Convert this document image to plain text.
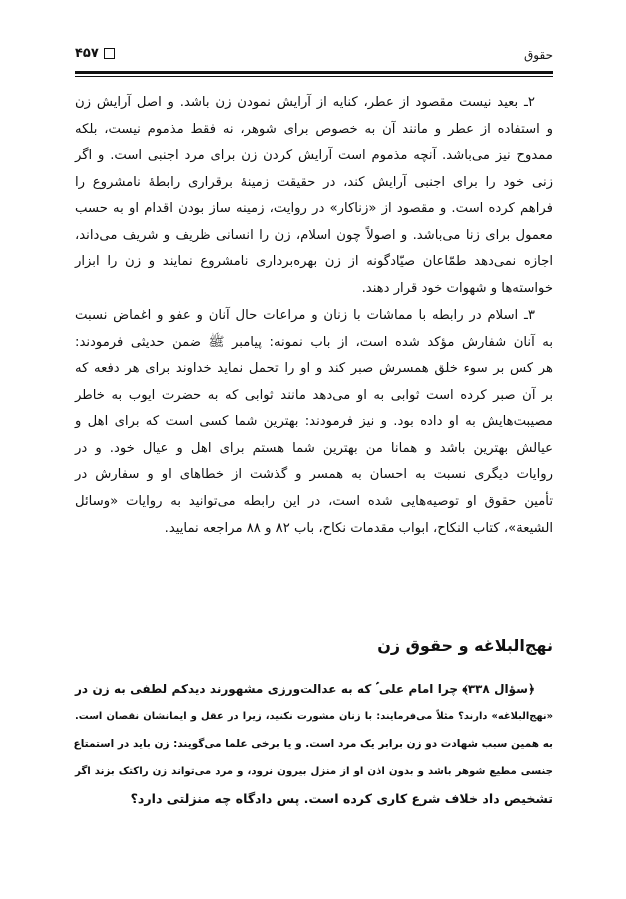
حقوق
۴۵۷
۲ـ بعید نیست مقصود از عطر، کنایه از آرایش نمودن زن باشد. و اصل آرایش زن
و استفاده از عطر و مانند آن به خصوص برای شوهر، نه فقط مذموم نیست، بلکه
ممدوح نیز می‌باشد. آنچه مذموم است آرایش کردن زن برای مرد اجنبی است. و اگر
زنی خود را برای اجنبی آرایش کند، در حقیقت زمینهٔ برقراری رابطهٔ نامشروع را
فراهم کرده است. و مقصود از «زناکار» در روایت، زمینه ساز بودن اقدام او به حسب
معمول برای زنا می‌باشد. و اصولاً چون اسلام، زن را انسانی ظریف و شریف می‌داند،
اجازه نمی‌دهد طمّاعان صیّادگونه از زن بهره‌برداری نامشروع نمایند و زن را ابزار
خواسته‌ها و شهوات خود قرار دهند.
۳ـ اسلام در رابطه با مماشات با زنان و مراعات حال آنان و عفو و اغماض نسبت
به آنان شفارش مؤکد شده است، از باب نمونه: پیامبر ﷺ ضمن حدیثی فرمودند:
هر کس بر سوء خلق همسرش صبر کند و او را تحمل نماید خداوند برای هر دفعه که
بر آن صبر کرده است ثوابی به او می‌دهد مانند ثوابی که به حضرت ایوب به خاطر
مصیبت‌هایش به او داده بود. و نیز فرمودند: بهترین شما کسی است که برای اهل و
عیالش بهترین باشد و همانا من بهترین شما هستم برای اهل و عیال خود. و در
روایات دیگری نسبت به احسان به همسر و گذشت از خطاهای او و سفارش در
تأمین حقوق او توصیه‌هایی شده است، در این رابطه می‌توانید به روایات «وسائل
الشیعة»، کتاب النکاح، ابواب مقدمات نکاح، باب ۸۲ و ۸۸ مراجعه نمایید.
نهج‌البلاغه و حقوق زن
﴿سؤال ۳۳۸﴾ چرا امام علی ؑ که به عدالت‌ورزی مشهورند دیدکم لطفی به زن در
«نهج‌البلاغه» دارند؟ مثلاً می‌فرمایند: با زنان مشورت نکنید، زیرا در عقل و ایمانشان نقصان است.
به همین سبب شهادت دو زن برابر یک مرد است. و یا برخی علما می‌گویند: زن باید در استمتاع
جنسی مطیع شوهر باشد و بدون اذن او از منزل بیرون نرود، و مرد می‌تواند زن راکتک بزند اگر
تشخیص داد خلاف شرع کاری کرده است. پس دادگاه چه منزلتی دارد؟
